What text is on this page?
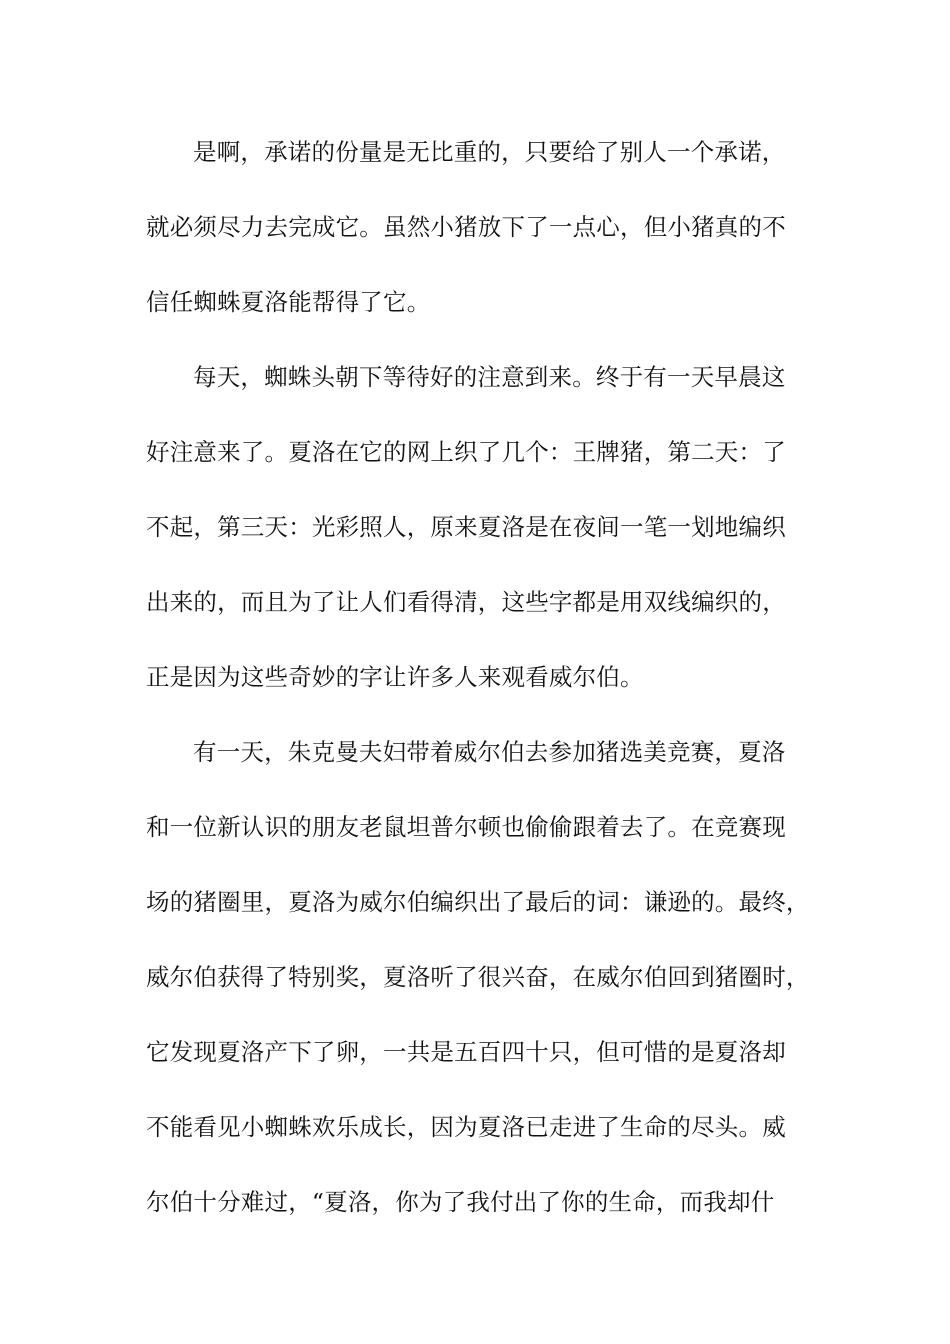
是啊，承诺的份量是无比重的，只要给了别人一个承诺，
就必须尽力去完成它。虽然小猪放下了一点心，但小猪真的不
信任蜘蛛夏洛能帮得了它。
每天，蜘蛛头朝下等待好的注意到来。终于有一天早晨这
好注意来了。夏洛在它的网上织了几个：王牌猪，第二天：了
不起，第三天：光彩照人，原来夏洛是在夜间一笔一划地编织
出来的，而且为了让人们看得清，这些字都是用双线编织的，
正是因为这些奇妙的字让许多人来观看威尔伯。
有一天，朱克曼夫妇带着威尔伯去参加猪选美竞赛，夏洛
和一位新认识的朋友老鼠坦普尔顿也偷偷跟着去了。在竞赛现
场的猪圈里，夏洛为威尔伯编织出了最后的词：谦逊的。最终，
威尔伯获得了特别奖，夏洛听了很兴奋，在威尔伯回到猪圈时，
它发现夏洛产下了卵，一共是五百四十只，但可惜的是夏洛却
不能看见小蜘蛛欢乐成长，因为夏洛已走进了生命的尽头。威
尔伯十分难过，“夏洛，你为了我付出了你的生命，而我却什
